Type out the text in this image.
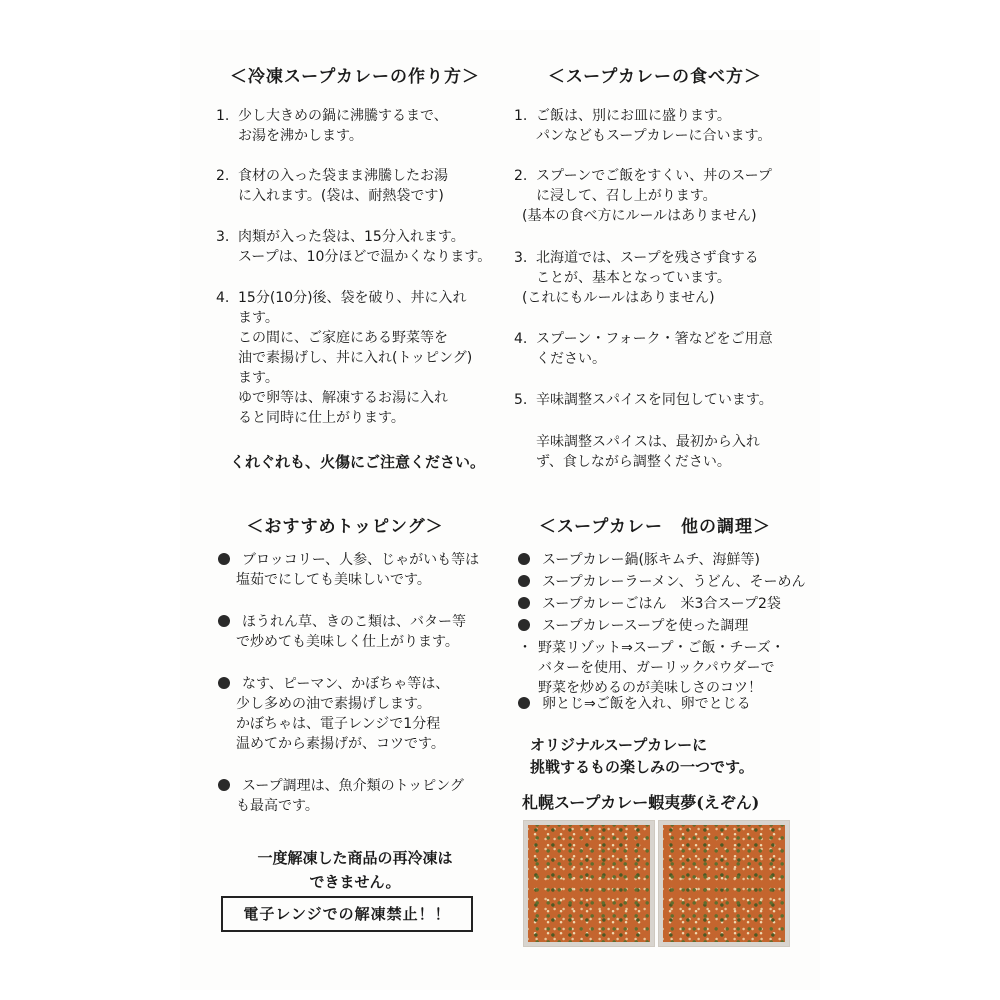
＜冷凍スープカレーの作り方＞
1. 少し大きめの鍋に沸騰するまで、
お湯を沸かします。
2. 食材の入った袋まま沸騰したお湯
に入れます。(袋は、耐熱袋です)
3. 肉類が入った袋は、15分入れます。
スープは、10分ほどで温かくなります。
4. 15分(10分)後、袋を破り、丼に入れ
ます。
この間に、ご家庭にある野菜等を
油で素揚げし、丼に入れ(トッピング)
ます。
ゆで卵等は、解凍するお湯に入れ
ると同時に仕上がります。
くれぐれも、火傷にご注意ください。
＜スープカレーの食べ方＞
1. ご飯は、別にお皿に盛ります。
パンなどもスープカレーに合います。
2. スプーンでご飯をすくい、丼のスープ
に浸して、召し上がります。
(基本の食べ方にルールはありません)
3. 北海道では、スープを残さず食する
ことが、基本となっています。
(これにもルールはありません)
4. スプーン・フォーク・箸などをご用意
ください。
5. 辛味調整スパイスを同包しています。
辛味調整スパイスは、最初から入れ
ず、食しながら調整ください。
＜おすすめトッピング＞
ブロッコリー、人参、じゃがいも等は
塩茹でにしても美味しいです。
ほうれん草、きのこ類は、バター等
で炒めても美味しく仕上がります。
なす、ピーマン、かぼちゃ等は、
少し多めの油で素揚げします。
かぼちゃは、電子レンジで1分程
温めてから素揚げが、コツです。
スープ調理は、魚介類のトッピング
も最高です。
一度解凍した商品の再冷凍は
できません。
電子レンジでの解凍禁止！！
＜スープカレー　他の調理＞
スープカレー鍋(豚キムチ、海鮮等)
スープカレーラーメン、うどん、そーめん
スープカレーごはん　米3合スープ2袋
スープカレースープを使った調理
・ 野菜リゾット⇒スープ・ご飯・チーズ・
バターを使用、ガーリックパウダーで
野菜を炒めるのが美味しさのコツ！
卵とじ⇒ご飯を入れ、卵でとじる
オリジナルスープカレーに
挑戦するもの楽しみの一つです。
札幌スープカレー蝦夷夢(えぞん)
